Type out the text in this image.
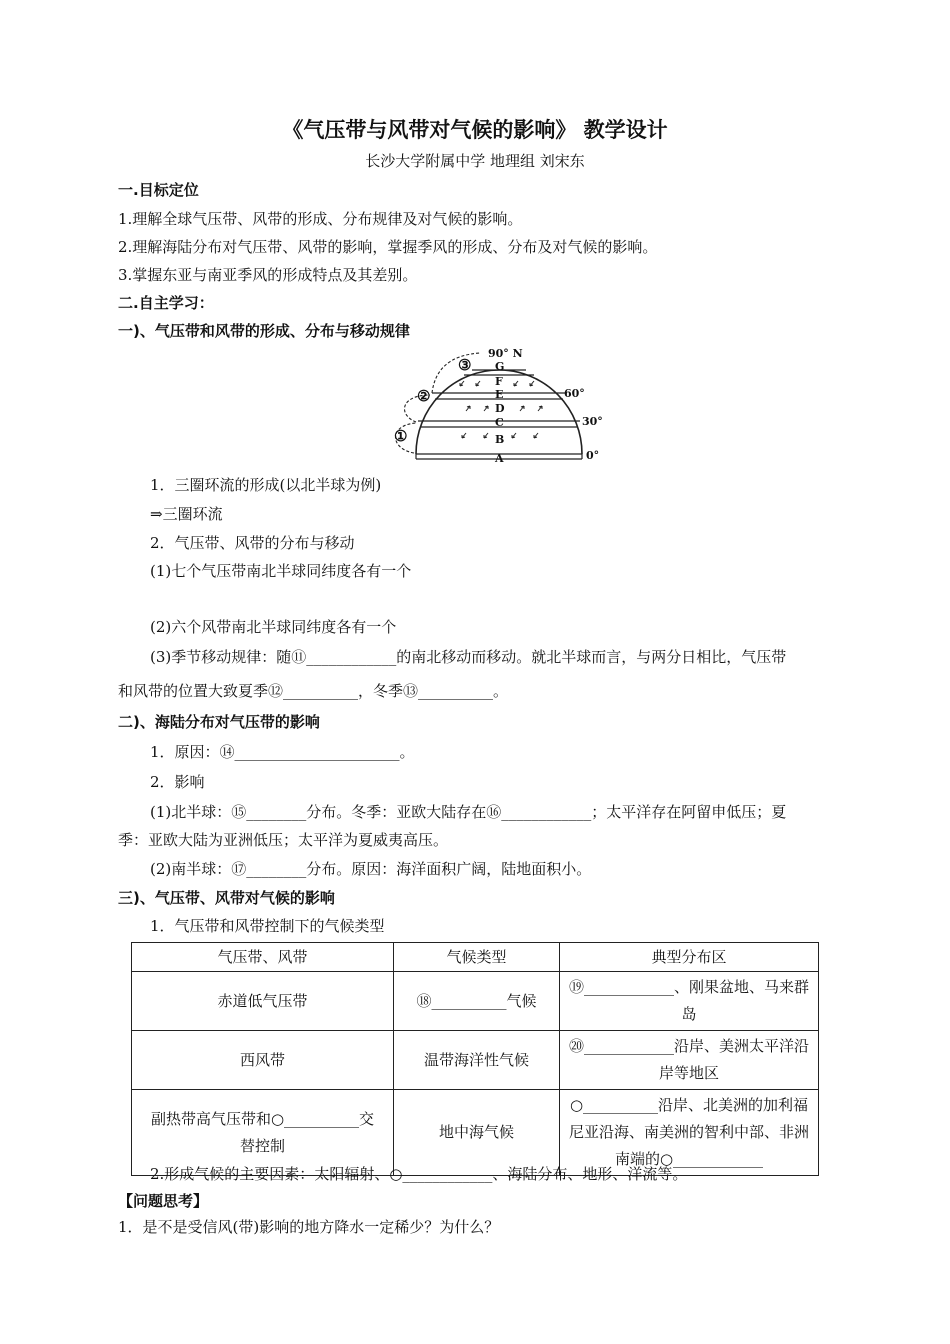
《气压带与风带对气候的影响》 教学设计
长沙大学附属中学 地理组 刘宋东
一.目标定位
1.理解全球气压带、风带的形成、分布规律及对气候的影响。
2.理解海陆分布对气压带、风带的影响，掌握季风的形成、分布及对气候的影响。
3.掌握东亚与南亚季风的形成特点及其差别。
二.自主学习：
一)、气压带和风带的形成、分布与移动规律
90° N
60°
30°
0°
G
F
E
D
C
B
A
③
②
①
1．三圈环流的形成(以北半球为例)
⇒三圈环流
2．气压带、风带的分布与移动
(1)七个气压带南北半球同纬度各有一个
(2)六个风带南北半球同纬度各有一个
(3)季节移动规律：随⑪____________的南北移动而移动。就北半球而言，与两分日相比，气压带
和风带的位置大致夏季⑫__________，冬季⑬__________。
二)、海陆分布对气压带的影响
1．原因：⑭______________________。
2．影响
(1)北半球：⑮________分布。冬季：亚欧大陆存在⑯____________；太平洋存在阿留申低压；夏
季：亚欧大陆为亚洲低压；太平洋为夏威夷高压。
(2)南半球：⑰________分布。原因：海洋面积广阔，陆地面积小。
三)、气压带、风带对气候的影响
1．气压带和风带控制下的气候类型
气压带、风带	气候类型	典型分布区
赤道低气压带	⑱__________气候	⑲____________、刚果盆地、马来群岛
西风带	温带海洋性气候	⑳____________沿岸、美洲太平洋沿岸等地区
副热带高气压带和○__________交替控制	地中海气候	○__________沿岸、北美洲的加利福尼亚沿海、南美洲的智利中部、非洲南端的○____________
2.形成气候的主要因素：太阳辐射、○____________、海陆分布、地形、洋流等。
【问题思考】
1．是不是受信风(带)影响的地方降水一定稀少？为什么？
